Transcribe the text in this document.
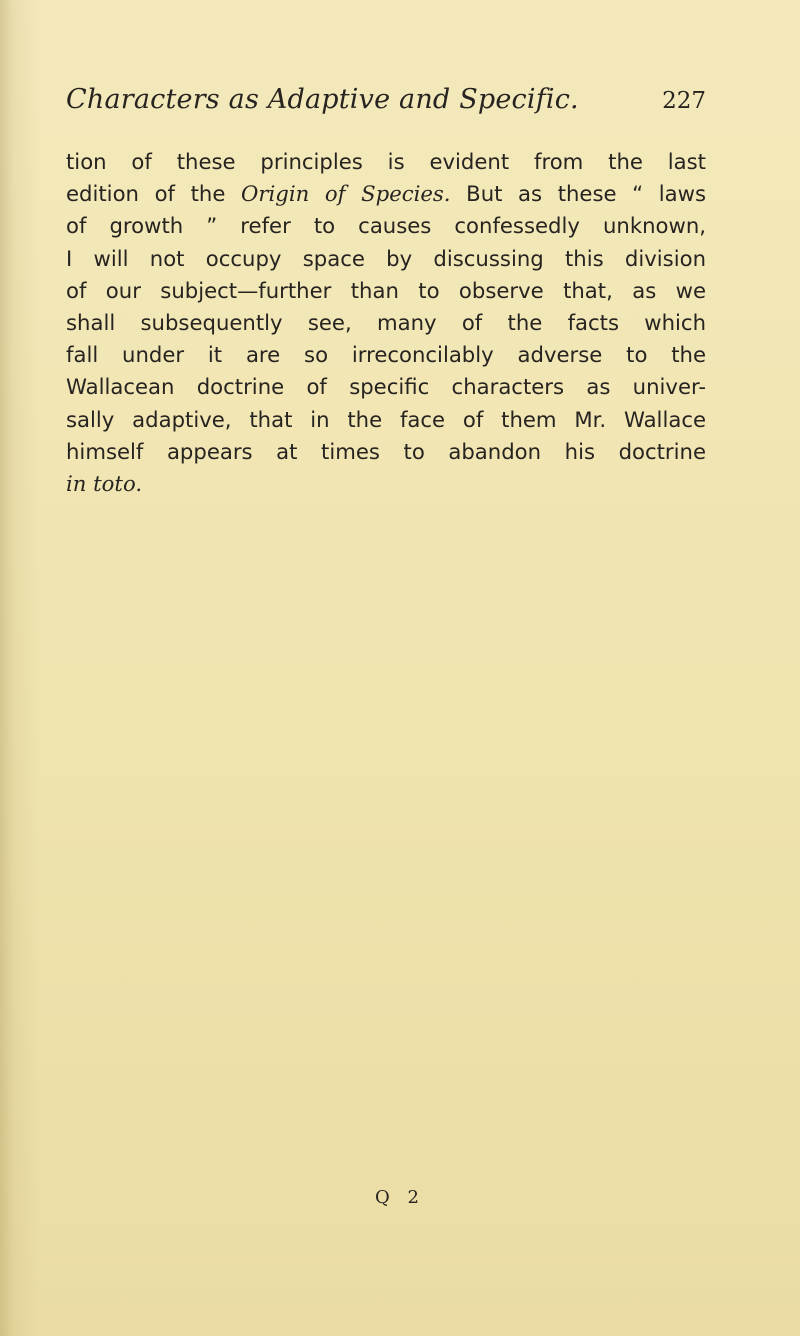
Characters as Adaptive and Specific.	227
tion of these principles is evident from the last
edition of the Origin of Species. But as these “ laws
of growth ” refer to causes confessedly unknown,
I will not occupy space by discussing this division
of our subject—further than to observe that, as we
shall subsequently see, many of the facts which
fall under it are so irreconcilably adverse to the
Wallacean doctrine of specific characters as univer-
sally adaptive, that in the face of them Mr. Wallace
himself appears at times to abandon his doctrine
in toto.
Q 2
